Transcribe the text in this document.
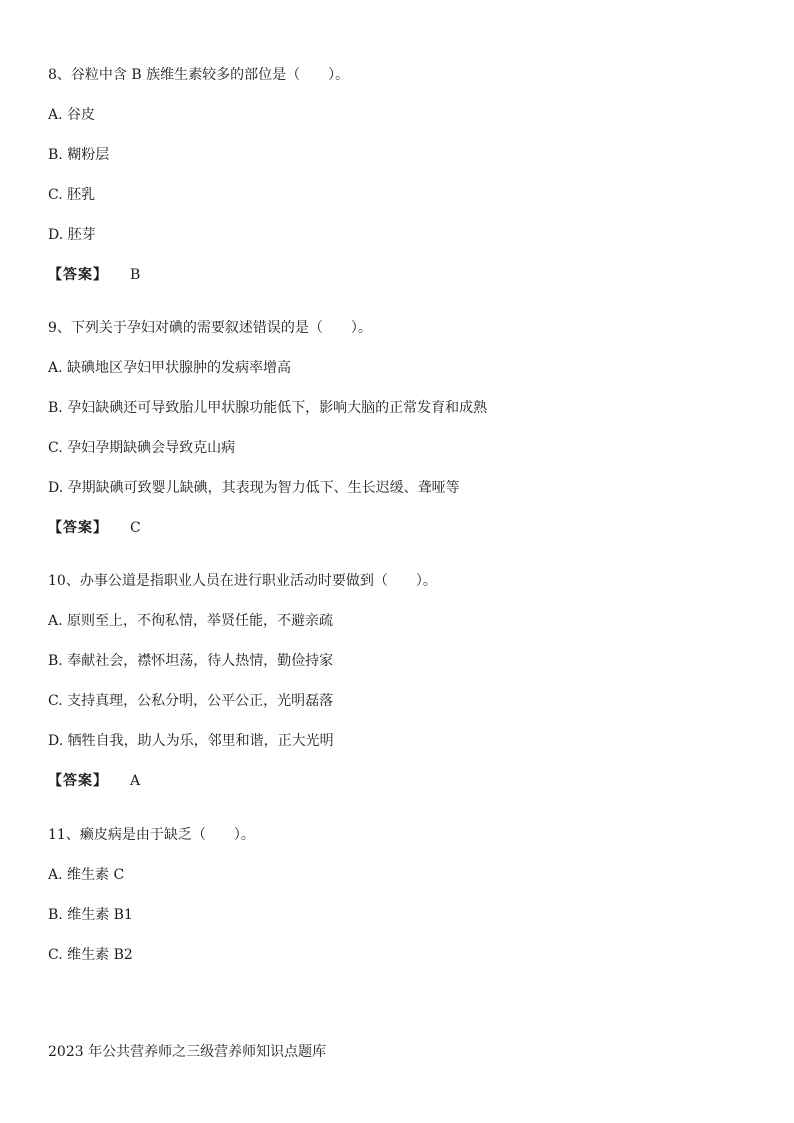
8、谷粒中含 B 族维生素较多的部位是（　　）。
A. 谷皮
B. 糊粉层
C. 胚乳
D. 胚芽
【答案】 B
9、下列关于孕妇对碘的需要叙述错误的是（　　）。
A. 缺碘地区孕妇甲状腺肿的发病率增高
B. 孕妇缺碘还可导致胎儿甲状腺功能低下，影响大脑的正常发育和成熟
C. 孕妇孕期缺碘会导致克山病
D. 孕期缺碘可致婴儿缺碘，其表现为智力低下、生长迟缓、聋哑等
【答案】 C
10、办事公道是指职业人员在进行职业活动时要做到（　　）。
A. 原则至上，不徇私情，举贤任能，不避亲疏
B. 奉献社会，襟怀坦荡，待人热情，勤俭持家
C. 支持真理，公私分明，公平公正，光明磊落
D. 牺牲自我，助人为乐，邻里和谐，正大光明
【答案】 A
11、癞皮病是由于缺乏（　　）。
A. 维生素 C
B. 维生素 B1
C. 维生素 B2
2023 年公共营养师之三级营养师知识点题库
